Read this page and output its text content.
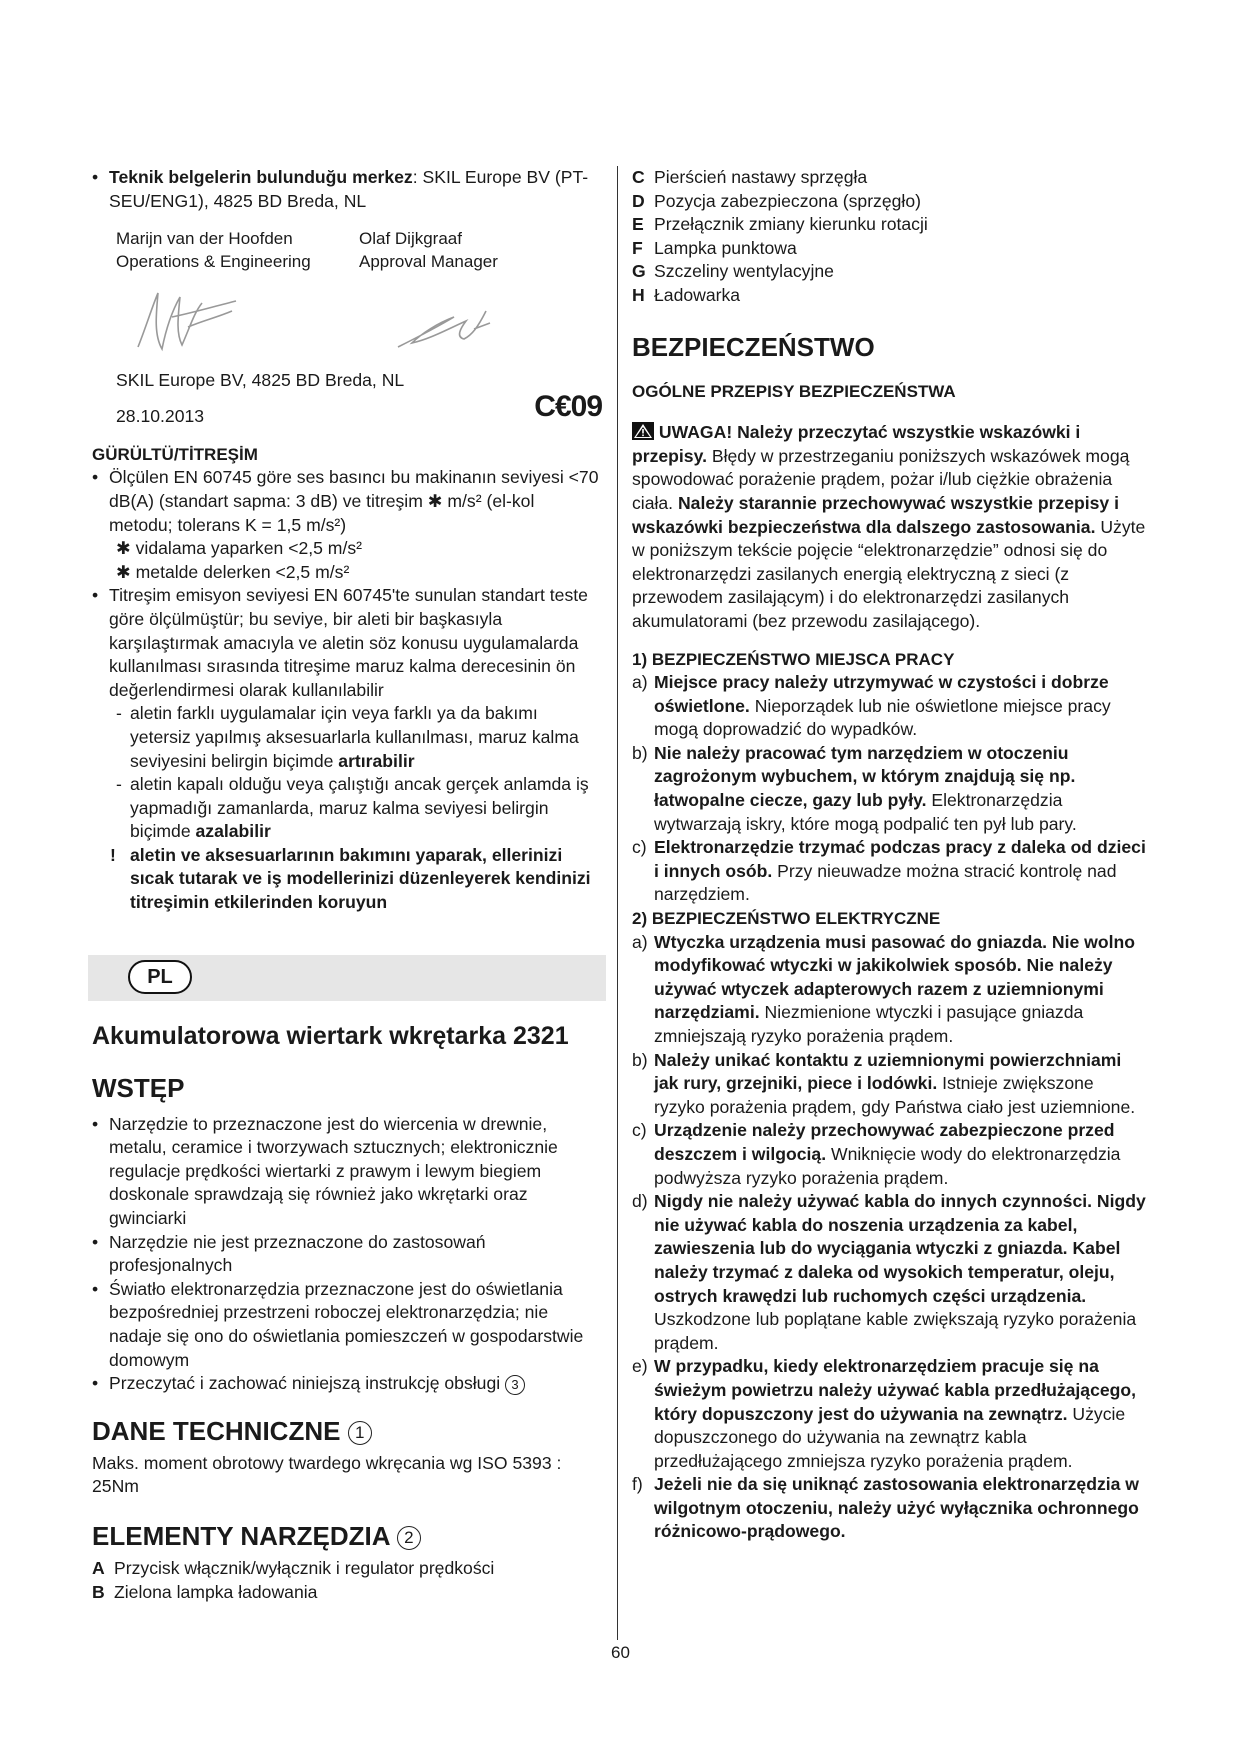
• Teknik belgelerin bulunduğu merkez: SKIL Europe BV (PT-SEU/ENG1), 4825 BD Breda, NL

Marijn van der Hoofden
Operations & Engineering
Olaf Dijkgraaf
Approval Manager

SKIL Europe BV, 4825 BD Breda, NL

28.10.2013	C€09

GÜRÜLTÜ/TİTREŞİM

• Ölçülen EN 60745 göre ses basıncı bu makinanın seviyesi <70 dB(A) (standart sapma: 3 dB) ve titreşim ✱ m/s² (el-kol metodu; tolerans K = 1,5 m/s²)

✱ vidalama yaparken <2,5 m/s²

✱ metalde delerken <2,5 m/s²

• Titreşim emisyon seviyesi EN 60745'te sunulan standart teste göre ölçülmüştür; bu seviye, bir aleti bir başkasıyla karşılaştırmak amacıyla ve aletin söz konusu uygulamalarda kullanılması sırasında titreşime maruz kalma derecesinin ön değerlendirmesi olarak kullanılabilir

- aletin farklı uygulamalar için veya farklı ya da bakımı yetersiz yapılmış aksesuarlarla kullanılması, maruz kalma seviyesini belirgin biçimde artırabilir

- aletin kapalı olduğu veya çalıştığı ancak gerçek anlamda iş yapmadığı zamanlarda, maruz kalma seviyesi belirgin biçimde azalabilir

! aletin ve aksesuarlarının bakımını yaparak, ellerinizi sıcak tutarak ve iş modellerinizi düzenleyerek kendinizi titreşimin etkilerinden koruyun

PL

Akumulatorowa wiertark wkrętarka 2321

WSTĘP

• Narzędzie to przeznaczone jest do wiercenia w drewnie, metalu, ceramice i tworzywach sztucznych; elektronicznie regulacje prędkości wiertarki z prawym i lewym biegiem doskonale sprawdzają się również jako wkrętarki oraz gwinciarki

• Narzędzie nie jest przeznaczone do zastosowań profesjonalnych

• Światło elektronarzędzia przeznaczone jest do oświetlania bezpośredniej przestrzeni roboczej elektronarzędzia; nie nadaje się ono do oświetlania pomieszczeń w gospodarstwie domowym

• Przeczytać i zachować niniejszą instrukcję obsługi 3

DANE TECHNICZNE 1

Maks. moment obrotowy twardego wkręcania wg ISO 5393 : 25Nm

ELEMENTY NARZĘDZIA 2

A Przycisk włącznik/wyłącznik i regulator prędkości

B Zielona lampka ładowania

C Pierścień nastawy sprzęgła

D Pozycja zabezpieczona (sprzęgło)

E Przełącznik zmiany kierunku rotacji

F Lampka punktowa

G Szczeliny wentylacyjne

H Ładowarka

BEZPIECZEŃSTWO

OGÓLNE PRZEPISY BEZPIECZEŃSTWA

UWAGA! Należy przeczytać wszystkie wskazówki i przepisy. Błędy w przestrzeganiu poniższych wskazówek mogą spowodować porażenie prądem, pożar i/lub ciężkie obrażenia ciała. Należy starannie przechowywać wszystkie przepisy i wskazówki bezpieczeństwa dla dalszego zastosowania. Użyte w poniższym tekście pojęcie “elektronarzędzie” odnosi się do elektronarzędzi zasilanych energią elektryczną z sieci (z przewodem zasilającym) i do elektronarzędzi zasilanych akumulatorami (bez przewodu zasilającego).

1) BEZPIECZEŃSTWO MIEJSCA PRACY

a) Miejsce pracy należy utrzymywać w czystości i dobrze oświetlone. Nieporządek lub nie oświetlone miejsce pracy mogą doprowadzić do wypadków.

b) Nie należy pracować tym narzędziem w otoczeniu zagrożonym wybuchem, w którym znajdują się np. łatwopalne ciecze, gazy lub pyły. Elektronarzędzia wytwarzają iskry, które mogą podpalić ten pył lub pary.

c) Elektronarzędzie trzymać podczas pracy z daleka od dzieci i innych osób. Przy nieuwadze można stracić kontrolę nad narzędziem.

2) BEZPIECZEŃSTWO ELEKTRYCZNE

a) Wtyczka urządzenia musi pasować do gniazda. Nie wolno modyfikować wtyczki w jakikolwiek sposób. Nie należy używać wtyczek adapterowych razem z uziemnionymi narzędziami. Niezmienione wtyczki i pasujące gniazda zmniejszają ryzyko porażenia prądem.

b) Należy unikać kontaktu z uziemnionymi powierzchniami jak rury, grzejniki, piece i lodówki. Istnieje zwiększone ryzyko porażenia prądem, gdy Państwa ciało jest uziemnione.

c) Urządzenie należy przechowywać zabezpieczone przed deszczem i wilgocią. Wniknięcie wody do elektronarzędzia podwyższa ryzyko porażenia prądem.

d) Nigdy nie należy używać kabla do innych czynności. Nigdy nie używać kabla do noszenia urządzenia za kabel, zawieszenia lub do wyciągania wtyczki z gniazda. Kabel należy trzymać z daleka od wysokich temperatur, oleju, ostrych krawędzi lub ruchomych części urządzenia. Uszkodzone lub poplątane kable zwiększają ryzyko porażenia prądem.

e) W przypadku, kiedy elektronarzędziem pracuje się na świeżym powietrzu należy używać kabla przedłużającego, który dopuszczony jest do używania na zewnątrz. Użycie dopuszczonego do używania na zewnątrz kabla przedłużającego zmniejsza ryzyko porażenia prądem.

f) Jeżeli nie da się uniknąć zastosowania elektronarzędzia w wilgotnym otoczeniu, należy użyć wyłącznika ochronnego różnicowo-prądowego.

60
